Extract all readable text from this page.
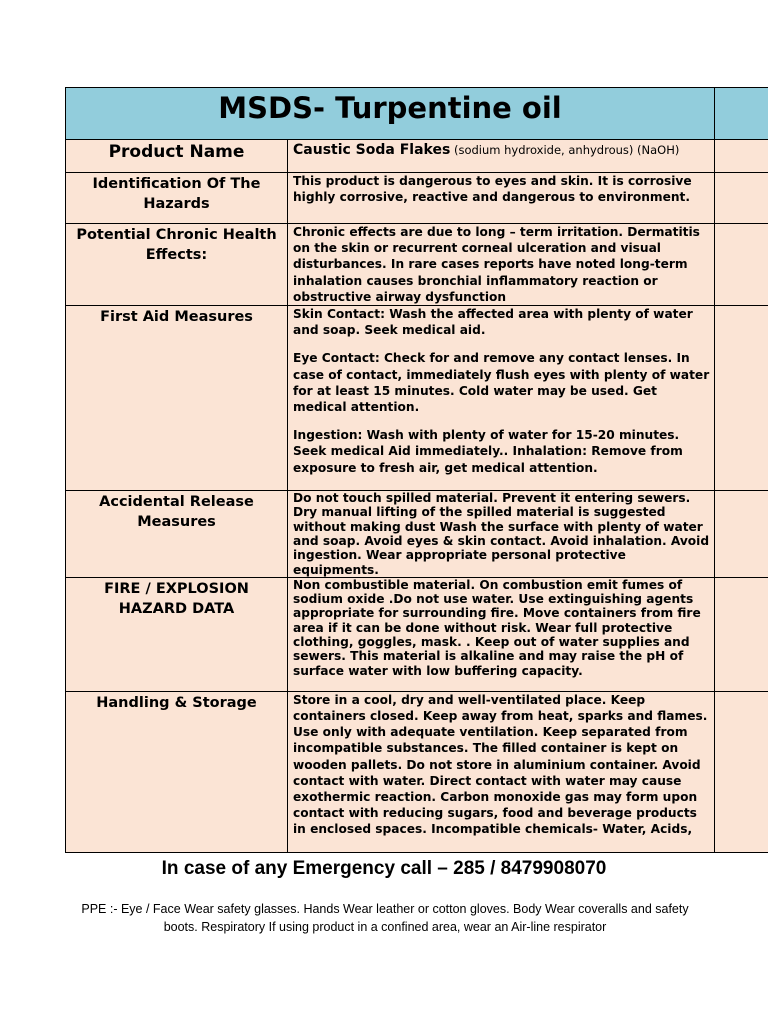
MSDS- Turpentine oil		

Product Name	Caustic Soda Flakes (sodium hydroxide, anhydrous) (NaOH)	

Identification Of The Hazards	This product is dangerous to eyes and skin. It is corrosive highly corrosive, reactive and dangerous to environment.	

Potential Chronic Health Effects:	Chronic effects are due to long – term irritation. Dermatitis on the skin or recurrent corneal ulceration and visual disturbances. In rare cases reports have noted long-term inhalation causes bronchial inflammatory reaction or obstructive airway dysfunction	

First Aid Measures	Skin Contact: Wash the affected area with plenty of water and soap. Seek medical aid.

Eye Contact: Check for and remove any contact lenses. In case of contact, immediately flush eyes with plenty of water for at least 15 minutes. Cold water may be used. Get medical attention.

Ingestion: Wash with plenty of water for 15-20 minutes. Seek medical Aid immediately.. Inhalation: Remove from exposure to fresh air, get medical attention.	

Accidental Release Measures	Do not touch spilled material. Prevent it entering sewers. Dry manual lifting of the spilled material is suggested without making dust Wash the surface with plenty of water and soap. Avoid eyes & skin contact. Avoid inhalation. Avoid ingestion. Wear appropriate personal protective equipments.	

FIRE / EXPLOSION HAZARD DATA	Non combustible material. On combustion emit fumes of sodium oxide .Do not use water. Use extinguishing agents appropriate for surrounding fire. Move containers from fire area if it can be done without risk. Wear full protective clothing, goggles, mask. . Keep out of water supplies and sewers. This material is alkaline and may raise the pH of surface water with low buffering capacity.	

Handling & Storage	Store in a cool, dry and well-ventilated place. Keep containers closed. Keep away from heat, sparks and flames. Use only with adequate ventilation. Keep separated from incompatible substances. The filled container is kept on wooden pallets. Do not store in aluminium container. Avoid contact with water. Direct contact with water may cause exothermic reaction. Carbon monoxide gas may form upon contact with reducing sugars, food and beverage products in enclosed spaces. Incompatible chemicals- Water, Acids,	

In case of any Emergency call – 285 / 8479908070
PPE :- Eye / Face Wear safety glasses. Hands Wear leather or cotton gloves. Body Wear coveralls and safety boots. Respiratory If using product in a confined area, wear an Air-line respirator
